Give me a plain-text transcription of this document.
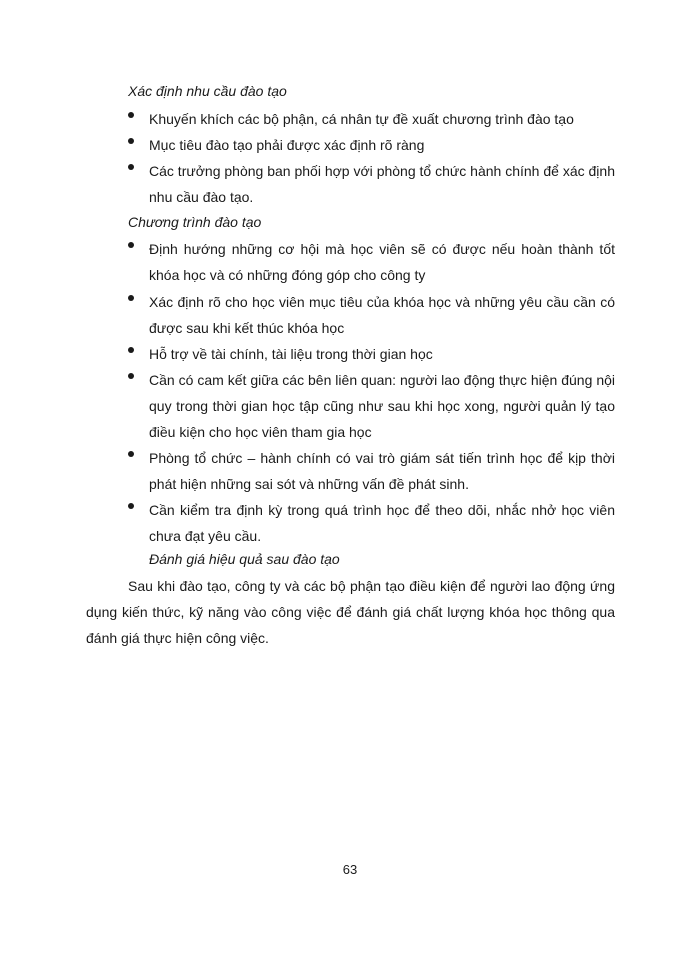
Xác định nhu cầu đào tạo
Khuyến khích các bộ phận, cá nhân tự đề xuất chương trình đào tạo
Mục tiêu đào tạo phải được xác định rõ ràng
Các trưởng phòng ban phối hợp với phòng tổ chức hành chính để xác định nhu cầu đào tạo.
Chương trình đào tạo
Định hướng những cơ hội mà học viên sẽ có được nếu hoàn thành tốt khóa học và có những đóng góp cho công ty
Xác định rõ cho học viên mục tiêu của khóa học và những yêu cầu cần có được sau khi kết thúc khóa học
Hỗ trợ về tài chính, tài liệu trong thời gian học
Cần có cam kết giữa các bên liên quan: người lao động thực hiện đúng nội quy trong thời gian học tập cũng như sau khi học xong, người quản lý tạo điều kiện cho học viên tham gia học
Phòng tổ chức – hành chính có vai trò giám sát tiến trình học để kịp thời phát hiện những sai sót và những vấn đề phát sinh.
Cần kiểm tra định kỳ trong quá trình học để theo dõi, nhắc nhở học viên chưa đạt yêu cầu.
Đánh giá hiệu quả sau đào tạo
Sau khi đào tạo, công ty và các bộ phận tạo điều kiện để người lao động ứng dụng kiến thức, kỹ năng vào công việc để đánh giá chất lượng khóa học thông qua đánh giá thực hiện công việc.
63
